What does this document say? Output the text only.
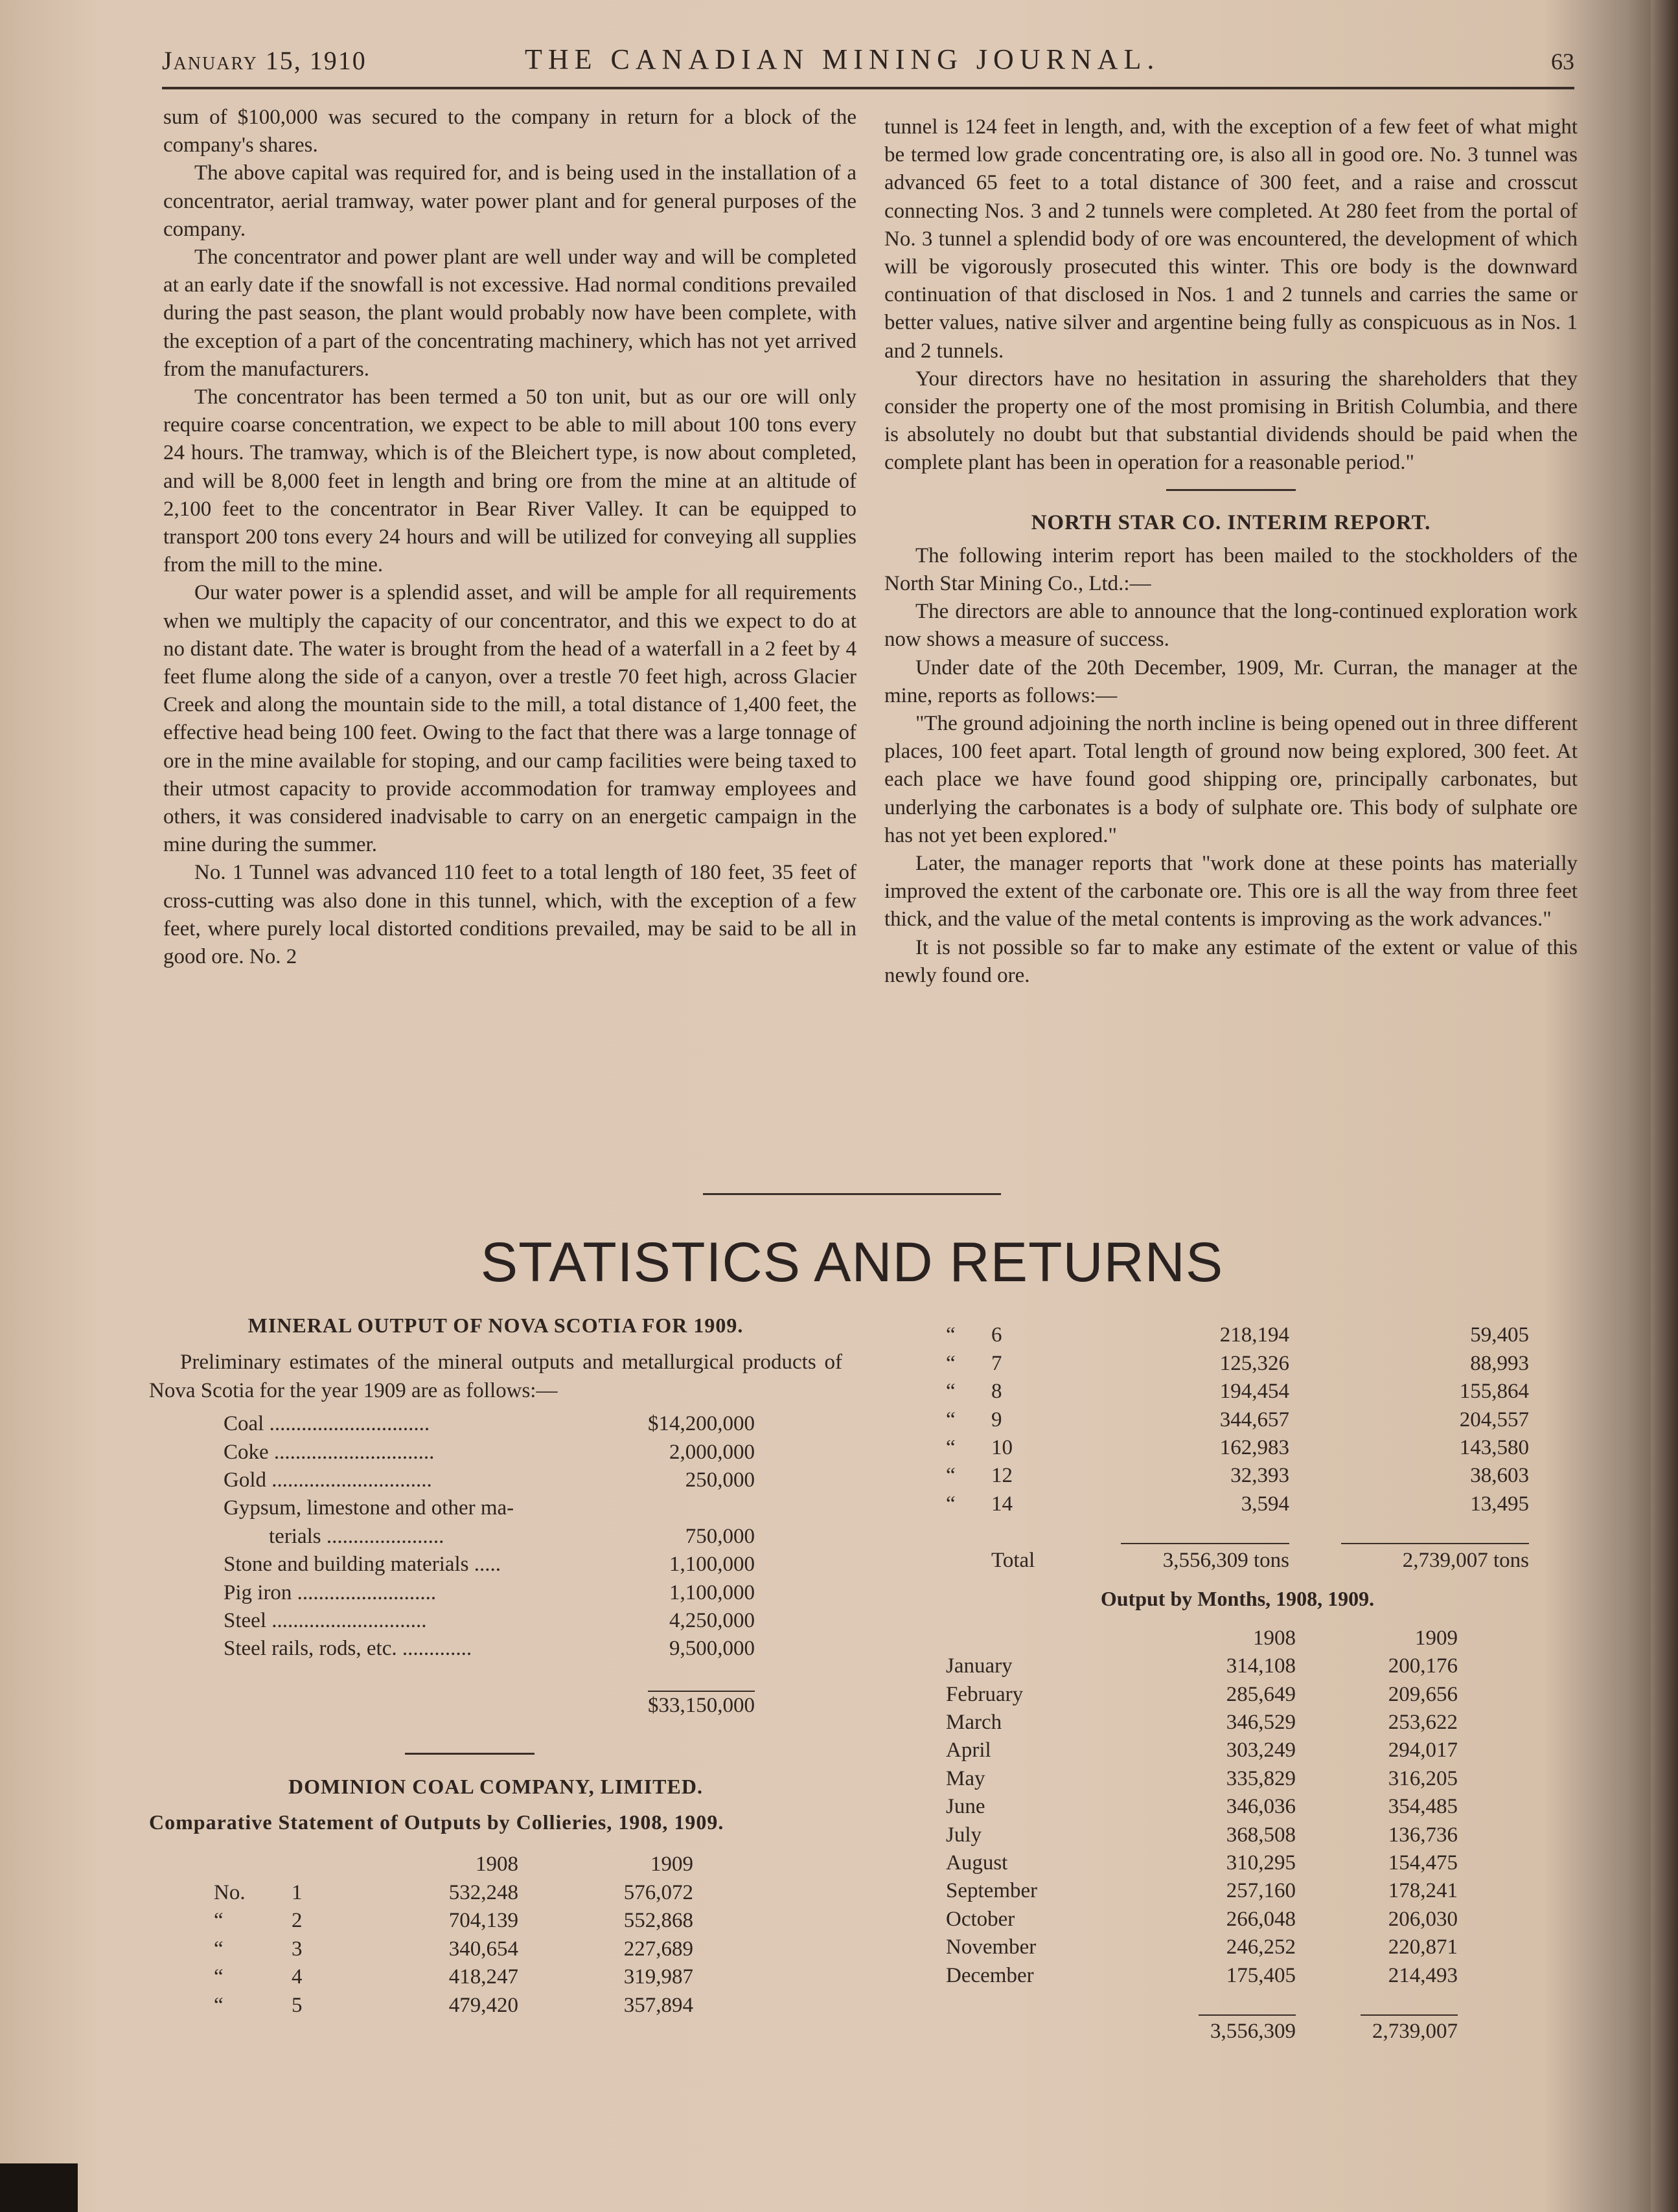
January 15, 1910	THE CANADIAN MINING JOURNAL.	63

sum of $100,000 was secured to the company in return for a block of the company's shares.

The above capital was required for, and is being used in the installation of a concentrator, aerial tramway, water power plant and for general purposes of the company.

The concentrator and power plant are well under way and will be completed at an early date if the snowfall is not excessive. Had normal conditions prevailed during the past season, the plant would probably now have been complete, with the exception of a part of the concentrating machinery, which has not yet arrived from the manufacturers.

The concentrator has been termed a 50 ton unit, but as our ore will only require coarse concentration, we expect to be able to mill about 100 tons every 24 hours. The tramway, which is of the Bleichert type, is now about completed, and will be 8,000 feet in length and bring ore from the mine at an altitude of 2,100 feet to the concentrator in Bear River Valley. It can be equipped to transport 200 tons every 24 hours and will be utilized for conveying all supplies from the mill to the mine.

Our water power is a splendid asset, and will be ample for all requirements when we multiply the capacity of our concentrator, and this we expect to do at no distant date. The water is brought from the head of a waterfall in a 2 feet by 4 feet flume along the side of a canyon, over a trestle 70 feet high, across Glacier Creek and along the mountain side to the mill, a total distance of 1,400 feet, the effective head being 100 feet. Owing to the fact that there was a large tonnage of ore in the mine available for stoping, and our camp facilities were being taxed to their utmost capacity to provide accommodation for tramway employees and others, it was considered inadvisable to carry on an energetic campaign in the mine during the summer.

No. 1 Tunnel was advanced 110 feet to a total length of 180 feet, 35 feet of cross-cutting was also done in this tunnel, which, with the exception of a few feet, where purely local distorted conditions prevailed, may be said to be all in good ore. No. 2

tunnel is 124 feet in length, and, with the exception of a few feet of what might be termed low grade concentrating ore, is also all in good ore. No. 3 tunnel was advanced 65 feet to a total distance of 300 feet, and a raise and crosscut connecting Nos. 3 and 2 tunnels were completed. At 280 feet from the portal of No. 3 tunnel a splendid body of ore was encountered, the development of which will be vigorously prosecuted this winter. This ore body is the downward continuation of that disclosed in Nos. 1 and 2 tunnels and carries the same or better values, native silver and argentine being fully as conspicuous as in Nos. 1 and 2 tunnels.

Your directors have no hesitation in assuring the shareholders that they consider the property one of the most promising in British Columbia, and there is absolutely no doubt but that substantial dividends should be paid when the complete plant has been in operation for a reasonable period."

NORTH STAR CO. INTERIM REPORT.

The following interim report has been mailed to the stockholders of the North Star Mining Co., Ltd.:—

The directors are able to announce that the long-continued exploration work now shows a measure of success.

Under date of the 20th December, 1909, Mr. Curran, the manager at the mine, reports as follows:—

"The ground adjoining the north incline is being opened out in three different places, 100 feet apart. Total length of ground now being explored, 300 feet. At each place we have found good shipping ore, principally carbonates, but underlying the carbonates is a body of sulphate ore. This body of sulphate ore has not yet been explored."

Later, the manager reports that "work done at these points has materially improved the extent of the carbonate ore. This ore is all the way from three feet thick, and the value of the metal contents is improving as the work advances."

It is not possible so far to make any estimate of the extent or value of this newly found ore.

STATISTICS AND RETURNS
MINERAL OUTPUT OF NOVA SCOTIA FOR 1909.
Preliminary estimates of the mineral outputs and metallurgical products of Nova Scotia for the year 1909 are as follows:—
Coal ..............................	$14,200,000
Coke ..............................	2,000,000
Gold ..............................	250,000
Gypsum, limestone and other ma-	
terials ......................	750,000
Stone and building materials .....	1,100,000
Pig iron ..........................	1,100,000
Steel .............................	4,250,000
Steel rails, rods, etc. .............	9,500,000

	$33,150,000
DOMINION COAL COMPANY, LIMITED.
Comparative Statement of Outputs by Collieries, 1908, 1909.
		1908	1909
No.	1	532,248	576,072
“	2	704,139	552,868
“	3	340,654	227,689
“	4	418,247	319,987
“	5	479,420	357,894
“	6	218,194	59,405
“	7	125,326	88,993
“	8	194,454	155,864
“	9	344,657	204,557
“	10	162,983	143,580
“	12	32,393	38,603
“	14	3,594	13,495

	Total	3,556,309 tons	2,739,007 tons
Output by Months, 1908, 1909.
	1908	1909
January	314,108	200,176
February	285,649	209,656
March	346,529	253,622
April	303,249	294,017
May	335,829	316,205
June	346,036	354,485
July	368,508	136,736
August	310,295	154,475
September	257,160	178,241
October	266,048	206,030
November	246,252	220,871
December	175,405	214,493

	3,556,309	2,739,007
